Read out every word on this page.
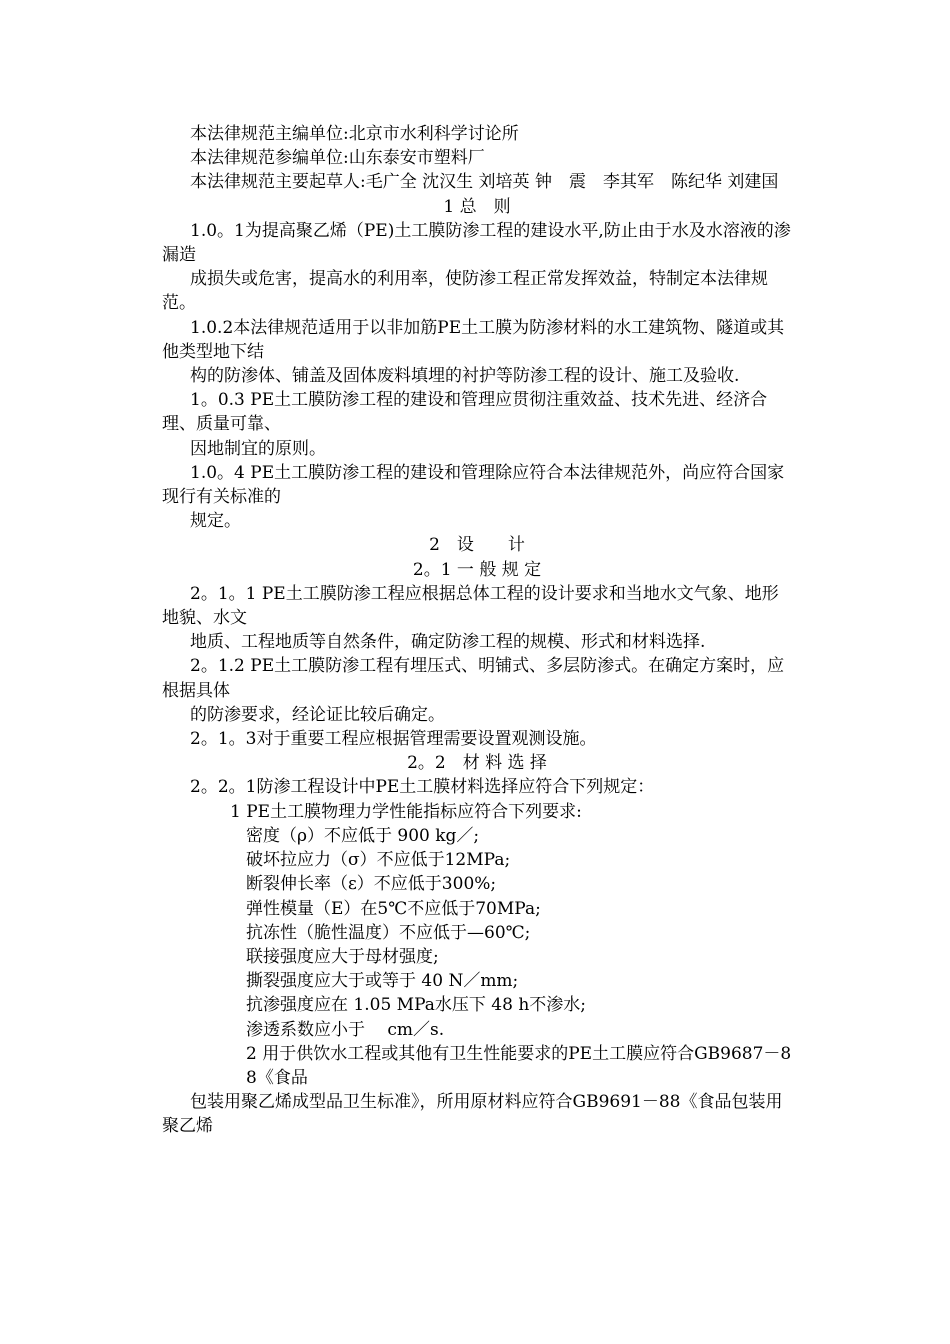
本法律规范主编单位:北京市水利科学讨论所

本法律规范参编单位:山东泰安市塑料厂

本法律规范主要起草人:毛广全 沈汉生 刘培英 钟　震　李其军　陈纪华 刘建国

1 总　则

1.0。1为提高聚乙烯（PE)土工膜防渗工程的建设水平,防止由于水及水溶液的渗漏造

成损失或危害，提高水的利用率，使防渗工程正常发挥效益，特制定本法律规范。

1.0.2本法律规范适用于以非加筋PE土工膜为防渗材料的水工建筑物、隧道或其他类型地下结

构的防渗体、铺盖及固体废料填埋的衬护等防渗工程的设计、施工及验收.

1。0.3 PE土工膜防渗工程的建设和管理应贯彻注重效益、技术先进、经济合理、质量可靠、

因地制宜的原则。

1.0。4 PE土工膜防渗工程的建设和管理除应符合本法律规范外，尚应符合国家现行有关标准的

规定。

2　设　　计

2。1 一 般 规 定

2。1。1 PE土工膜防渗工程应根据总体工程的设计要求和当地水文气象、地形地貌、水文

地质、工程地质等自然条件，确定防渗工程的规模、形式和材料选择.

2。1.2 PE土工膜防渗工程有埋压式、明铺式、多层防渗式。在确定方案时，应根据具体

的防渗要求，经论证比较后确定。

2。1。3对于重要工程应根据管理需要设置观测设施。

2。2　材 料 选 择

2。2。1防渗工程设计中PE土工膜材料选择应符合下列规定：

1 PE土工膜物理力学性能指标应符合下列要求:

密度（ρ）不应低于 900 kg／;

破坏拉应力（σ）不应低于12MPa;

断裂伸长率（ε）不应低于300%;

弹性模量（E）在5℃不应低于70MPa;

抗冻性（脆性温度）不应低于—60℃;

联接强度应大于母材强度;

撕裂强度应大于或等于 40 N／mm;

抗渗强度应在 1.05 MPa水压下 48 h不渗水;

渗透系数应小于　 cm／s.

2 用于供饮水工程或其他有卫生性能要求的PE土工膜应符合GB9687－88《食品

包装用聚乙烯成型品卫生标准》，所用原材料应符合GB9691－88《食品包装用聚乙烯
